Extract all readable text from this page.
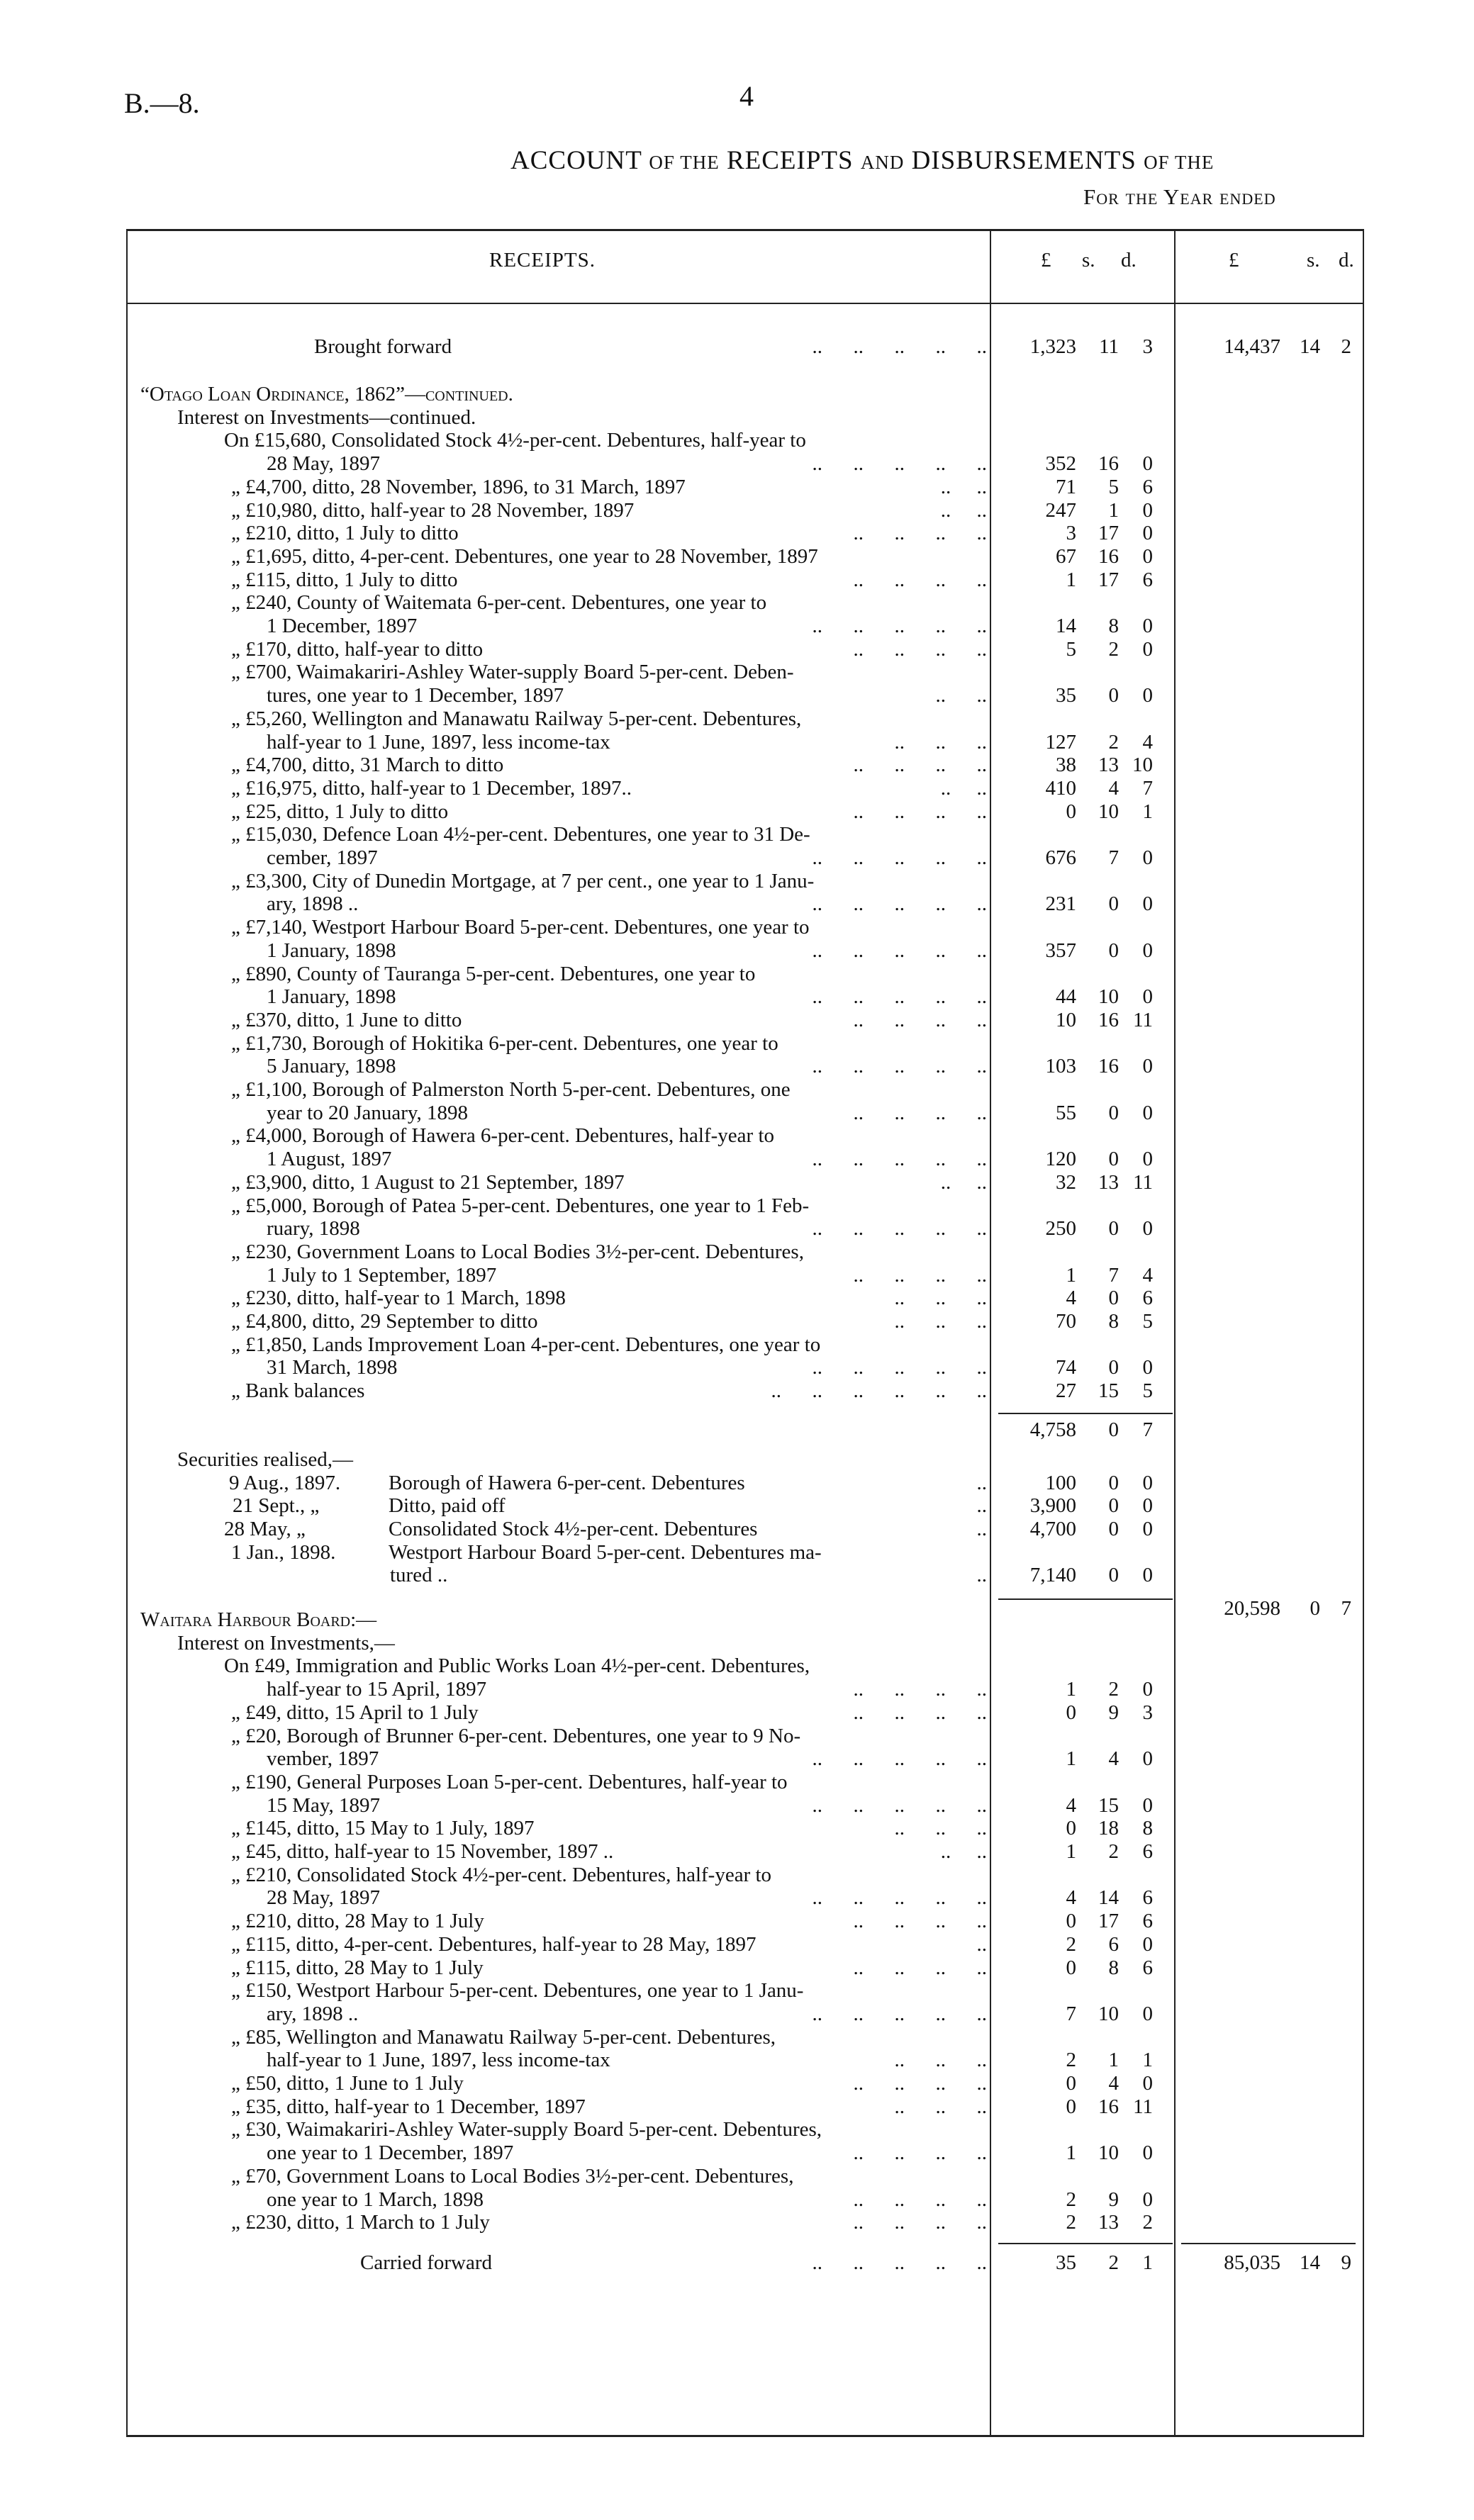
B.—8.	4
ACCOUNT OF THE RECEIPTS AND DISBURSEMENTS OF THE
For the Year ended
RECEIPTS.	£ s. d.	£	s. d.
Brought forward	..      ..      ..      ..      ..	1,323	11	3	14,437 14	2
“Otago Loan Ordinance, 1862”—continued.
Interest on Investments—continued.
On £15,680, Consolidated Stock 4½-per-cent. Debentures, half-year to
28 May, 1897	..      ..      ..      ..      ..	352	16	0
„ £4,700, ditto, 28 November, 1896, to 31 March, 1897	..     ..	71	5	6
„ £10,980, ditto, half-year to 28 November, 1897	..     ..	247	1	0
„ £210, ditto, 1 July to ditto	..      ..      ..      ..	3	17	0
„ £1,695, ditto, 4-per-cent. Debentures, one year to 28 November, 1897	67	16	0
„ £115, ditto, 1 July to ditto	..      ..      ..      ..	1	17	6
„ £240, County of Waitemata 6-per-cent. Debentures, one year to
1 December, 1897	..      ..      ..      ..      ..	14	8	0
„ £170, ditto, half-year to ditto	..      ..      ..      ..	5	2	0
„ £700, Waimakariri-Ashley Water-supply Board 5-per-cent. Deben-
tures, one year to 1 December, 1897	..      ..	35	0	0
„ £5,260, Wellington and Manawatu Railway 5-per-cent. Debentures,
half-year to 1 June, 1897, less income-tax	..      ..      ..	127	2	4
„ £4,700, ditto, 31 March to ditto	..      ..      ..      ..	38	13 10
„ £16,975, ditto, half-year to 1 December, 1897..	..     ..	410	4	7
„ £25, ditto, 1 July to ditto	..      ..      ..      ..	0	10	1
„ £15,030, Defence Loan 4½-per-cent. Debentures, one year to 31 De-
cember, 1897	..      ..      ..      ..      ..	676	7	0
„ £3,300, City of Dunedin Mortgage, at 7 per cent., one year to 1 Janu-
ary, 1898 ..	..      ..      ..      ..      ..	231	0	0
„ £7,140, Westport Harbour Board 5-per-cent. Debentures, one year to
1 January, 1898	..      ..      ..      ..      ..	357	0	0
„ £890, County of Tauranga 5-per-cent. Debentures, one year to
1 January, 1898	..      ..      ..      ..      ..	44	10	0
„ £370, ditto, 1 June to ditto	..      ..      ..      ..	10	16 11
„ £1,730, Borough of Hokitika 6-per-cent. Debentures, one year to
5 January, 1898	..      ..      ..      ..      ..	103	16	0
„ £1,100, Borough of Palmerston North 5-per-cent. Debentures, one
year to 20 January, 1898	..      ..      ..      ..	55	0	0
„ £4,000, Borough of Hawera 6-per-cent. Debentures, half-year to
1 August, 1897	..      ..      ..      ..      ..	120	0	0
„ £3,900, ditto, 1 August to 21 September, 1897	..     ..	32	13 11
„ £5,000, Borough of Patea 5-per-cent. Debentures, one year to 1 Feb-
ruary, 1898	..      ..      ..      ..      ..	250	0	0
„ £230, Government Loans to Local Bodies 3½-per-cent. Debentures,
1 July to 1 September, 1897	..      ..      ..      ..	1	7	4
„ £230, ditto, half-year to 1 March, 1898	..      ..      ..	4	0	6
„ £4,800, ditto, 29 September to ditto	..      ..      ..	70	8	5
„ £1,850, Lands Improvement Loan 4-per-cent. Debentures, one year to
31 March, 1898	..      ..      ..      ..      ..	74	0	0
„ Bank balances	..      ..      ..      ..      ..      ..	27	15	5
4,758	0	7
Securities realised,—
9 Aug., 1897. Borough of Hawera 6-per-cent. Debentures	..	100	0	0
21 Sept., „	Ditto, paid off	..	3,900	0	0
28 May, „	Consolidated Stock 4½-per-cent. Debentures	..	4,700	0	0
1 Jan., 1898.	Westport Harbour Board 5-per-cent. Debentures ma-
tured ..	..	7,140	0	0
20,598	0	7
Waitara Harbour Board:—
Interest on Investments,—
On £49, Immigration and Public Works Loan 4½-per-cent. Debentures,
half-year to 15 April, 1897	..      ..      ..      ..	1	2	0
„ £49, ditto, 15 April to 1 July	..      ..      ..      ..	0	9	3
„ £20, Borough of Brunner 6-per-cent. Debentures, one year to 9 No-
vember, 1897	..      ..      ..      ..      ..	1	4	0
„ £190, General Purposes Loan 5-per-cent. Debentures, half-year to
15 May, 1897	..      ..      ..      ..      ..	4	15	0
„ £145, ditto, 15 May to 1 July, 1897	..      ..      ..	0	18	8
„ £45, ditto, half-year to 15 November, 1897 ..	..     ..	1	2	6
„ £210, Consolidated Stock 4½-per-cent. Debentures, half-year to
28 May, 1897	..      ..      ..      ..      ..	4	14	6
„ £210, ditto, 28 May to 1 July	..      ..      ..      ..	0	17	6
„ £115, ditto, 4-per-cent. Debentures, half-year to 28 May, 1897	..	2	6	0
„ £115, ditto, 28 May to 1 July	..      ..      ..      ..	0	8	6
„ £150, Westport Harbour 5-per-cent. Debentures, one year to 1 Janu-
ary, 1898 ..	..      ..      ..      ..      ..	7	10	0
„ £85, Wellington and Manawatu Railway 5-per-cent. Debentures,
half-year to 1 June, 1897, less income-tax	..      ..      ..	2	1	1
„ £50, ditto, 1 June to 1 July	..      ..      ..      ..	0	4	0
„ £35, ditto, half-year to 1 December, 1897	..      ..      ..	0	16 11
„ £30, Waimakariri-Ashley Water-supply Board 5-per-cent. Debentures,
one year to 1 December, 1897	..      ..      ..      ..	1	10	0
„ £70, Government Loans to Local Bodies 3½-per-cent. Debentures,
one year to 1 March, 1898	..      ..      ..      ..	2	9	0
„ £230, ditto, 1 March to 1 July	..      ..      ..      ..	2	13	2
Carried forward	..      ..      ..      ..      ..	35	2	1	85,035 14	9
